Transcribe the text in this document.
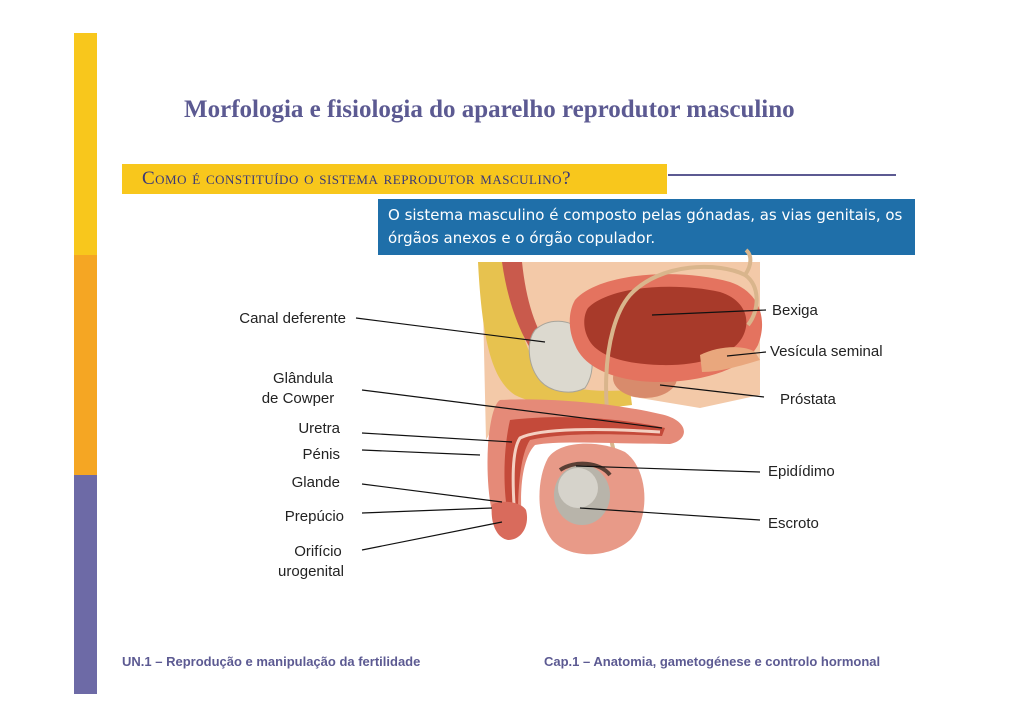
Morfologia e fisiologia do aparelho reprodutor masculino
Como é constituído o sistema reprodutor masculino?
O sistema masculino é composto pelas gónadas, as vias genitais, os órgãos anexos e o órgão copulador.
Canal deferente
Glândula
de Cowper
Uretra
Pénis
Glande
Prepúcio
Orifício
urogenital
Bexiga
Vesícula seminal
Próstata
Epidídimo
Escroto
UN.1 – Reprodução e manipulação da fertilidade	Cap.1 – Anatomia, gametogénese e controlo hormonal
